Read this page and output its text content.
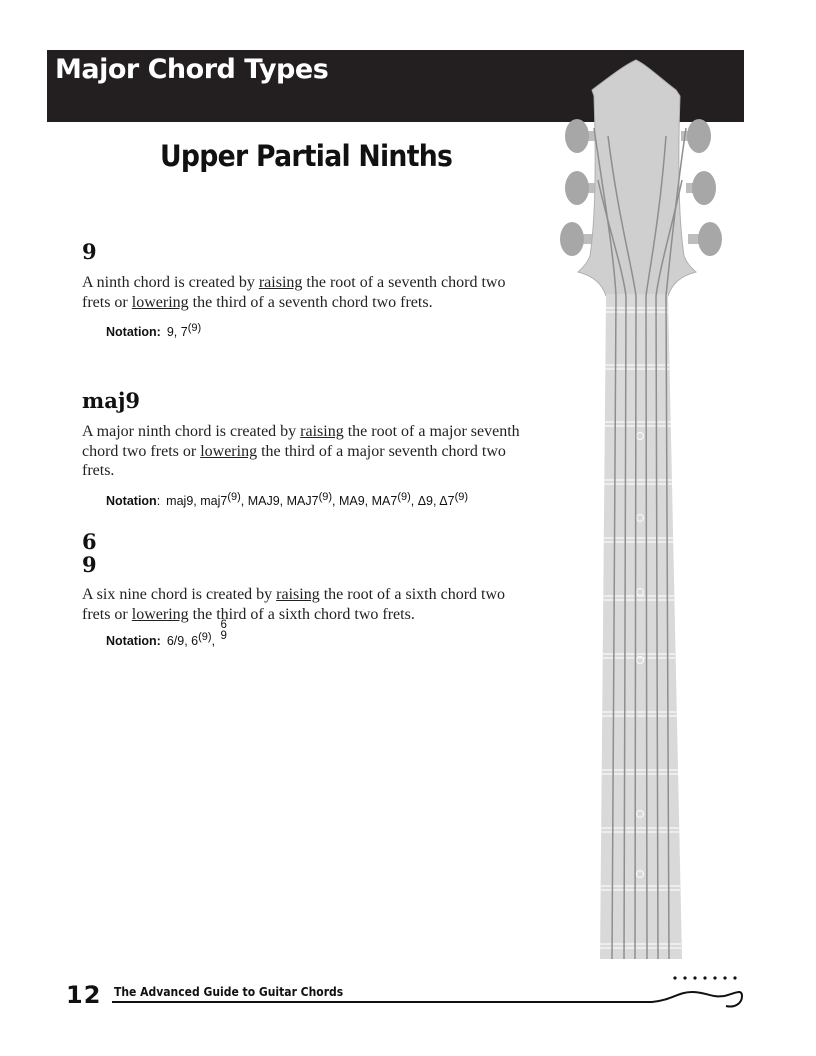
Major Chord Types
Upper Partial Ninths
9
A ninth chord is created by raising the root of a seventh chord two frets or lowering the third of a seventh chord two frets.
Notation: 9, 7$^{(9)}$
maj9
A major ninth chord is created by raising the root of a major seventh chord two frets or lowering the third of a major seventh chord two frets.
Notation: maj9, maj7$^{(9)}$, MAJ9, MAJ7$^{(9)}$, MA9, MA7$^{(9)}$, Δ9, Δ7$^{(9)}$
6
9
A six nine chord is created by raising the root of a sixth chord two frets or lowering the third of a sixth chord two frets.
Notation: 6/9, 6$^{(9)}$,
6
9
12 The Advanced Guide to Guitar Chords
